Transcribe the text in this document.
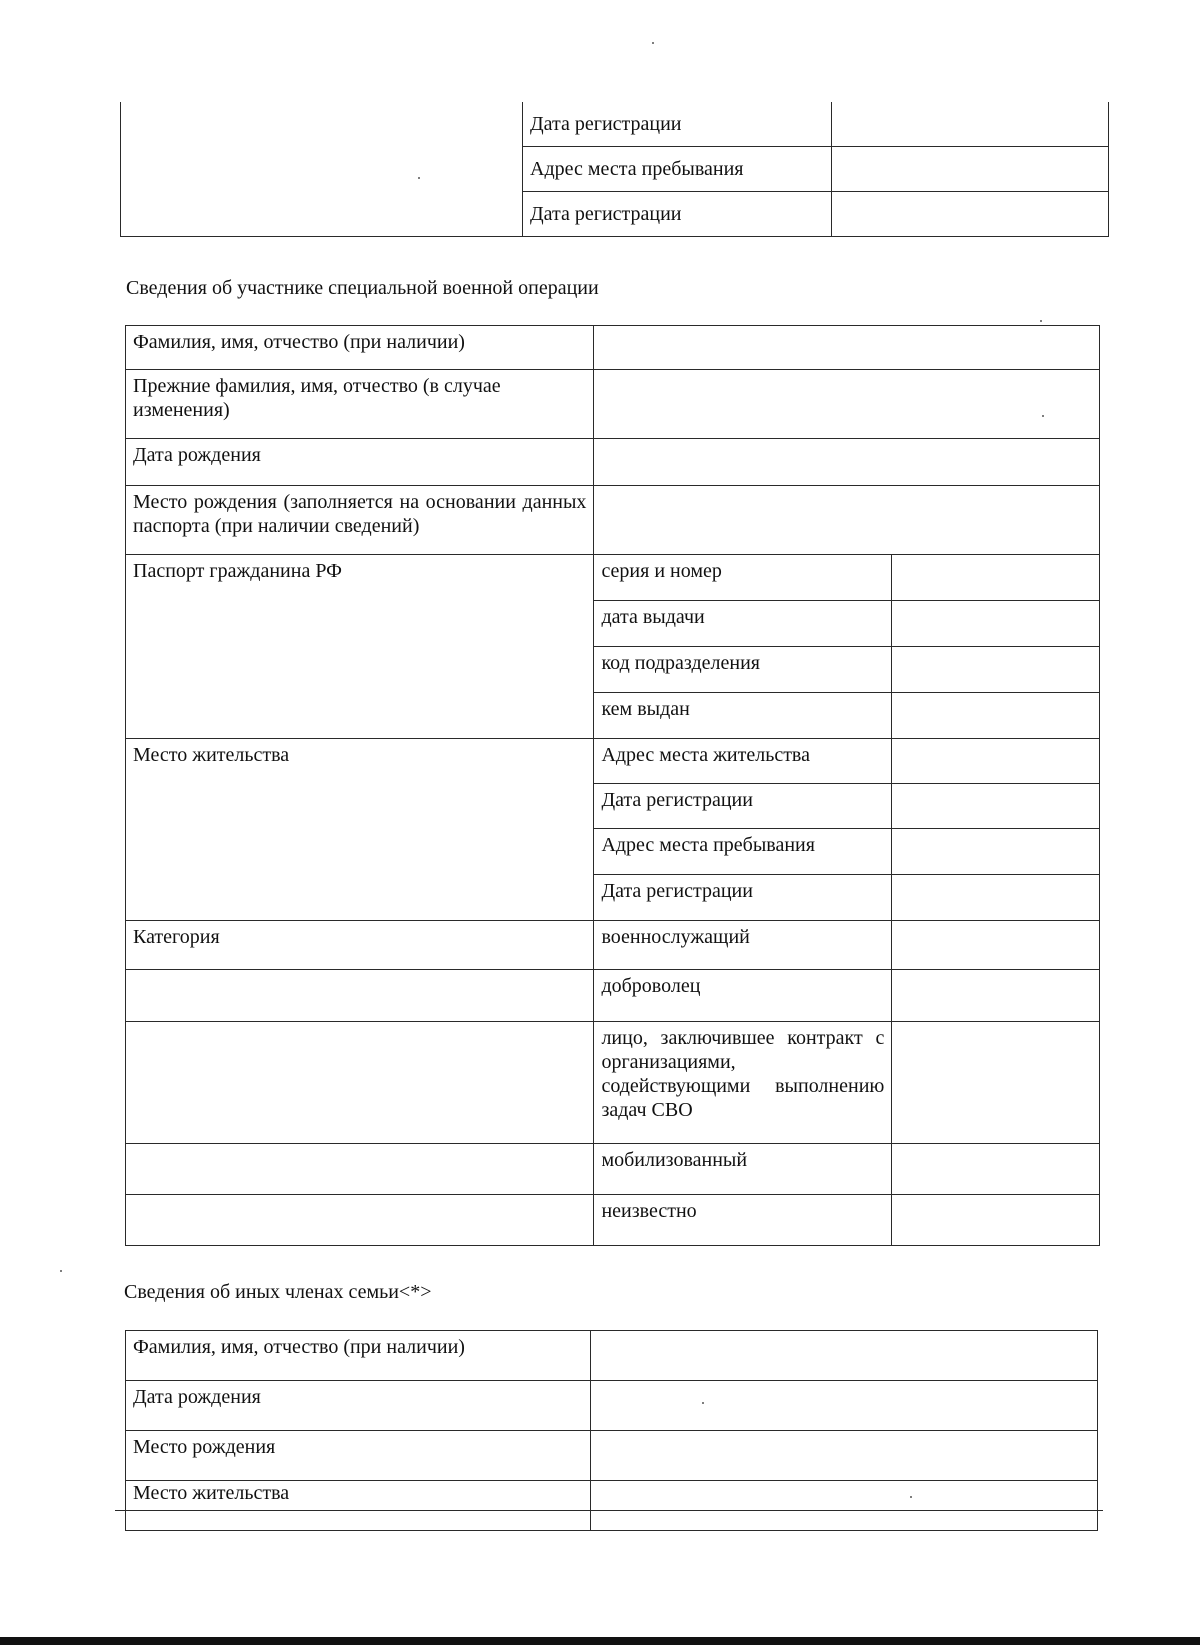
	Дата регистрации	
	Адрес места пребывания	
	Дата регистрации	
Сведения об участнике специальной военной операции
Фамилия, имя, отчество (при наличии)		
Прежние фамилия, имя, отчество (в случае изменения)		
Дата рождения		
Место рождения (заполняется на основании данных паспорта (при наличии сведений)		
Паспорт гражданина РФ	серия и номер	
	дата выдачи	
	код подразделения	
	кем выдан	
Место жительства	Адрес места жительства	
	Дата регистрации	
	Адрес места пребывания	
	Дата регистрации	
Категория	военнослужащий	
	доброволец	
	лицо, заключившее контракт с организациями, содействующими выполнению задач СВО	
	мобилизованный	
	неизвестно	
Сведения об иных членах семьи<*>
Фамилия, имя, отчество (при наличии)	
Дата рождения	
Место рождения	
Место жительства	
